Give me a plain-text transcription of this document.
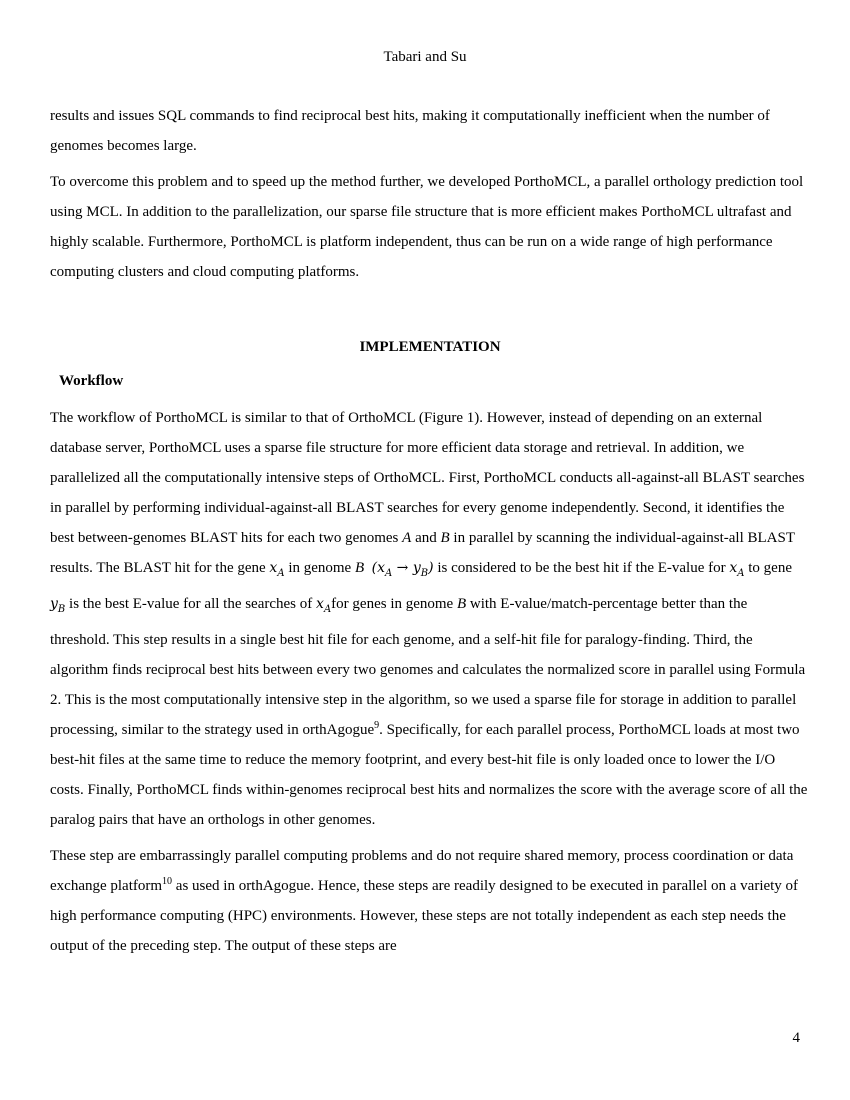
Tabari and Su

results and issues SQL commands to find reciprocal best hits, making it computationally inefficient when the number of genomes becomes large.

To overcome this problem and to speed up the method further, we developed PorthoMCL, a parallel orthology prediction tool using MCL. In addition to the parallelization, our sparse file structure that is more efficient makes PorthoMCL ultrafast and highly scalable. Furthermore, PorthoMCL is platform independent, thus can be run on a wide range of high performance computing clusters and cloud computing platforms.

IMPLEMENTATION
Workflow

The workflow of PorthoMCL is similar to that of OrthoMCL (Figure 1). However, instead of depending on an external database server, PorthoMCL uses a sparse file structure for more efficient data storage and retrieval. In addition, we parallelized all the computationally intensive steps of OrthoMCL. First, PorthoMCL conducts all-against-all BLAST searches in parallel by performing individual-against-all BLAST searches for every genome independently. Second, it identifies the best between-genomes BLAST hits for each two genomes A and B in parallel by scanning the individual-against-all BLAST results. The BLAST hit for the gene $x_A$ in genome B $(x_A \to y_B)$ is considered to be the best hit if the E-value for $x_A$ to gene $y_B$ is the best E-value for all the searches of $x_Afor$ genes in genome B with E-value/match-percentage better than the threshold. This step results in a single best hit file for each genome, and a self-hit file for paralogy-finding. Third, the algorithm finds reciprocal best hits between every two genomes and calculates the normalized score in parallel using Formula 2. This is the most computationally intensive step in the algorithm, so we used a sparse file for storage in addition to parallel processing, similar to the strategy used in orthAgogue$^9$. Specifically, for each parallel process, PorthoMCL loads at most two best-hit files at the same time to reduce the memory footprint, and every best-hit file is only loaded once to lower the I/O costs. Finally, PorthoMCL finds within-genomes reciprocal best hits and normalizes the score with the average score of all the paralog pairs that have an orthologs in other genomes.

These step are embarrassingly parallel computing problems and do not require shared memory, process coordination or data exchange platform$^{10}$ as used in orthAgogue. Hence, these steps are readily designed to be executed in parallel on a variety of high performance computing (HPC) environments. However, these steps are not totally independent as each step needs the output of the preceding step. The output of these steps are

4
